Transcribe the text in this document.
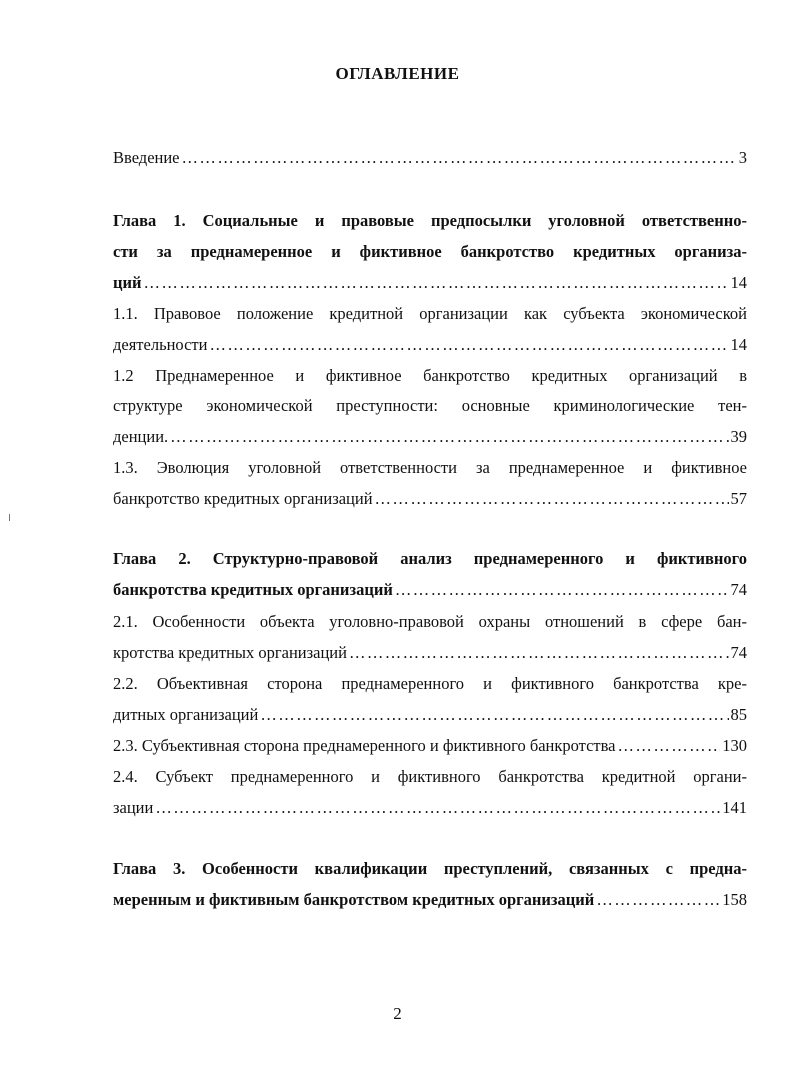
ОГЛАВЛЕНИЕ
Введение …………………………………………………………………………………………………………………………………………………………………………………	3
Глава 1. Социальные и правовые предпосылки уголовной ответственно-
сти за преднамеренное и фиктивное банкротство кредитных организа-
ций …………………………………………………………………………………………………………………………………………………………………………………	14
1.1. Правовое положение кредитной организации как субъекта экономической
деятельности …………………………………………………………………………………………………………………………………………………………………………………	14
1.2 Преднамеренное и фиктивное банкротство кредитных организаций в
структуре экономической преступности: основные криминологические тен-
денции. …………………………………………………………………………………………………………………………………………………………………………………	39
1.3. Эволюция уголовной ответственности за преднамеренное и фиктивное
банкротство кредитных организаций …………………………………………………………………………………………………………………………………………………………………………………	57
Глава 2. Структурно-правовой анализ преднамеренного и фиктивного
банкротства кредитных организаций …………………………………………………………………………………………………………………………………………………………………………………	74
2.1. Особенности объекта уголовно-правовой охраны отношений в сфере бан-
кротства кредитных организаций …………………………………………………………………………………………………………………………………………………………………………………	74
2.2. Объективная сторона преднамеренного и фиктивного банкротства кре-
дитных организаций …………………………………………………………………………………………………………………………………………………………………………………	85
2.3. Субъективная сторона преднамеренного и фиктивного банкротства …………………………………………………………………………………………………………………………………………………………………………………	130
2.4. Субъект преднамеренного и фиктивного банкротства кредитной органи-
зации …………………………………………………………………………………………………………………………………………………………………………………	141
Глава 3. Особенности квалификации преступлений, связанных с предна-
меренным и фиктивным банкротством кредитных организаций …………………………………………………………………………………………………………………………………………………………………………………	158
2
